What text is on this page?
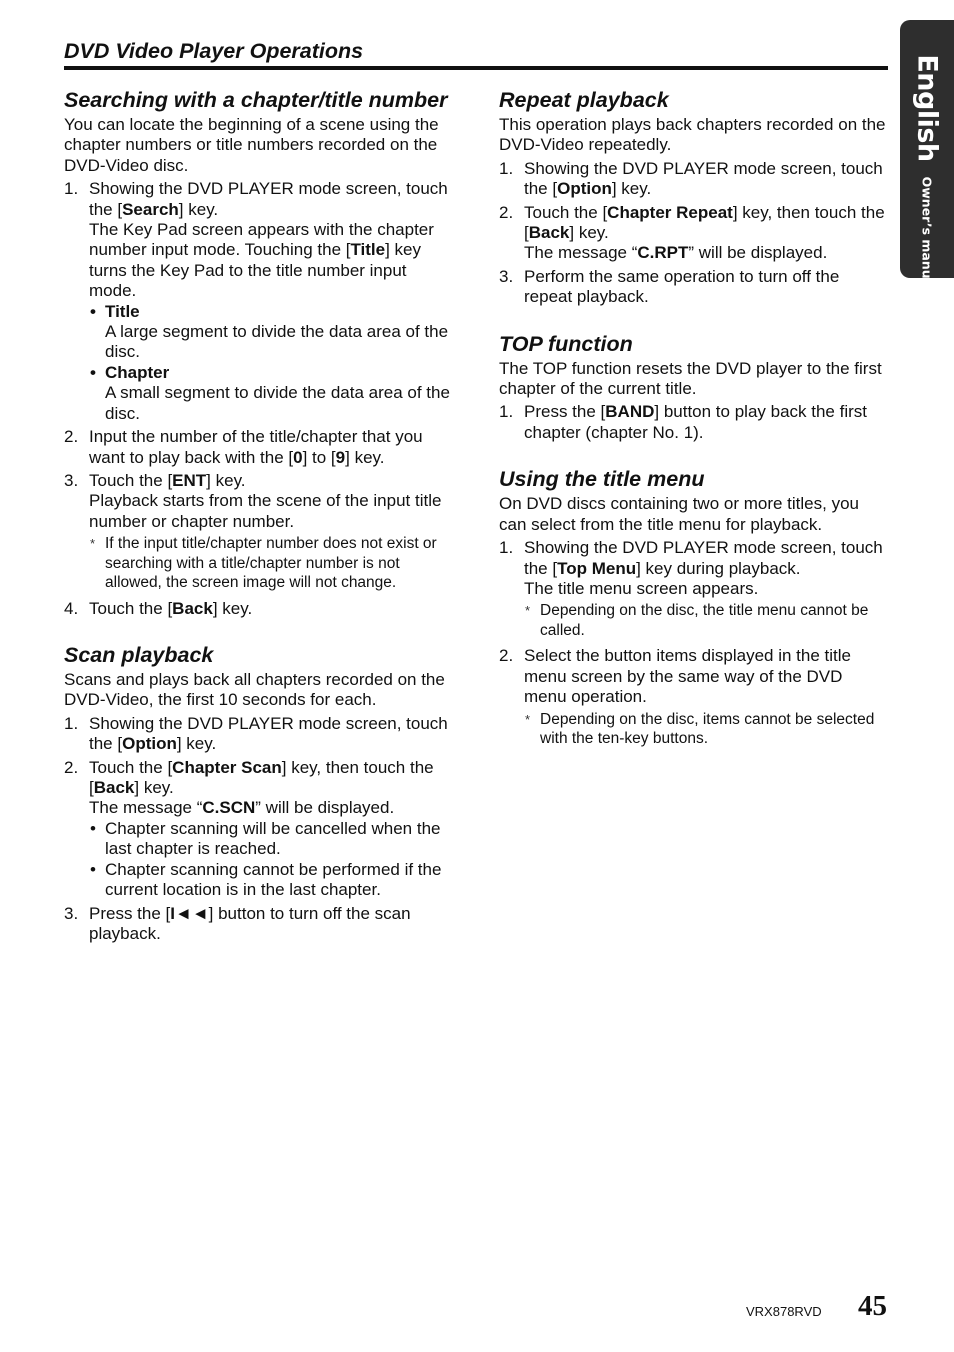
DVD Video Player Operations
English
Owner’s manual
Searching with a chapter/title number

You can locate the beginning of a scene using the chapter numbers or title numbers recorded on the DVD-Video disc.

1. Showing the DVD PLAYER mode screen, touch the [Search] key.
The Key Pad screen appears with the chapter number input mode. Touching the [Title] key turns the Key Pad to the title number input mode.
• Title
A large segment to divide the data area of the disc.
• Chapter
A small segment to divide the data area of the disc.
2. Input the number of the title/chapter that you want to play back with the [0] to [9] key.
3. Touch the [ENT] key.
Playback starts from the scene of the input title number or chapter number.
* If the input title/chapter number does not exist or searching with a title/chapter number is not allowed, the screen image will not change.
4. Touch the [Back] key.
Scan playback

Scans and plays back all chapters recorded on the DVD-Video, the first 10 seconds for each.

1. Showing the DVD PLAYER mode screen, touch the [Option] key.
2. Touch the [Chapter Scan] key, then touch the [Back] key.
The message “C.SCN” will be displayed.
• Chapter scanning will be cancelled when the last chapter is reached.
• Chapter scanning cannot be performed if the current location is in the last chapter.
3. Press the [I◄◄] button to turn off the scan playback.
Repeat playback

This operation plays back chapters recorded on the DVD-Video repeatedly.

1. Showing the DVD PLAYER mode screen, touch the [Option] key.
2. Touch the [Chapter Repeat] key, then touch the [Back] key.
The message “C.RPT” will be displayed.
3. Perform the same operation to turn off the repeat playback.
TOP function

The TOP function resets the DVD player to the first chapter of the current title.

1. Press the [BAND] button to play back the first chapter (chapter No. 1).
Using the title menu

On DVD discs containing two or more titles, you can select from the title menu for playback.

1. Showing the DVD PLAYER mode screen, touch the [Top Menu] key during playback.
The title menu screen appears.
* Depending on the disc, the title menu cannot be called.
2. Select the button items displayed in the title menu screen by the same way of the DVD menu operation.
* Depending on the disc, items cannot be selected with the ten-key buttons.
VRX878RVD 45
